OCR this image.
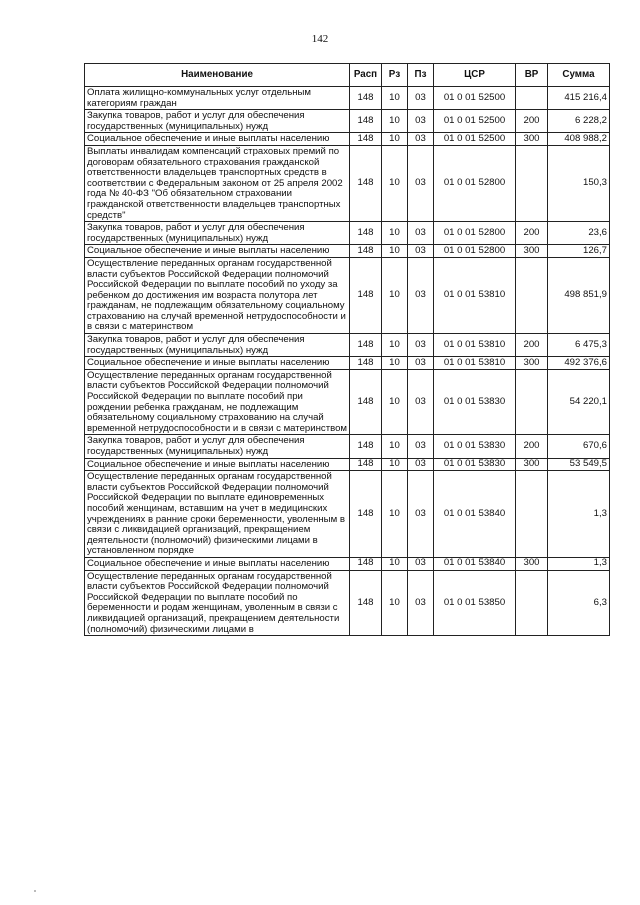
142
Наименование	Расп	Рз	Пз	ЦСР	ВР	Сумма
Оплата жилищно-коммунальных услуг отдельным категориям граждан	148	10	03	01 0 01 52500		415 216,4
Закупка товаров, работ и услуг для обеспечения государственных (муниципальных) нужд	148	10	03	01 0 01 52500	200	6 228,2
Социальное обеспечение и иные выплаты населению	148	10	03	01 0 01 52500	300	408 988,2
Выплаты инвалидам компенсаций страховых премий по договорам обязательного страхования гражданской ответственности владельцев транспортных средств в соответствии с Федеральным законом от 25 апреля 2002 года № 40-ФЗ "Об обязательном страховании гражданской ответственности владельцев транспортных средств"	148	10	03	01 0 01 52800		150,3
Закупка товаров, работ и услуг для обеспечения государственных (муниципальных) нужд	148	10	03	01 0 01 52800	200	23,6
Социальное обеспечение и иные выплаты населению	148	10	03	01 0 01 52800	300	126,7
Осуществление переданных органам государственной власти субъектов Российской Федерации полномочий Российской Федерации по выплате пособий по уходу за ребенком до достижения им возраста полутора лет гражданам, не подлежащим обязательному социальному страхованию на случай временной нетрудоспособности и в связи с материнством	148	10	03	01 0 01 53810		498 851,9
Закупка товаров, работ и услуг для обеспечения государственных (муниципальных) нужд	148	10	03	01 0 01 53810	200	6 475,3
Социальное обеспечение и иные выплаты населению	148	10	03	01 0 01 53810	300	492 376,6
Осуществление переданных органам государственной власти субъектов Российской Федерации полномочий Российской Федерации по выплате пособий при рождении ребенка гражданам, не подлежащим обязательному социальному страхованию на случай временной нетрудоспособности и в связи с материнством	148	10	03	01 0 01 53830		54 220,1
Закупка товаров, работ и услуг для обеспечения государственных (муниципальных) нужд	148	10	03	01 0 01 53830	200	670,6
Социальное обеспечение и иные выплаты населению	148	10	03	01 0 01 53830	300	53 549,5
Осуществление переданных органам государственной власти субъектов Российской Федерации полномочий Российской Федерации по выплате единовременных пособий женщинам, вставшим на учет в медицинских учреждениях в ранние сроки беременности, уволенным в связи с ликвидацией организаций, прекращением деятельности (полномочий) физическими лицами в установленном порядке	148	10	03	01 0 01 53840		1,3
Социальное обеспечение и иные выплаты населению	148	10	03	01 0 01 53840	300	1,3
Осуществление переданных органам государственной власти субъектов Российской Федерации полномочий Российской Федерации по выплате пособий по беременности и родам женщинам, уволенным в связи с ликвидацией организаций, прекращением деятельности (полномочий) физическими лицами в	148	10	03	01 0 01 53850		6,3
